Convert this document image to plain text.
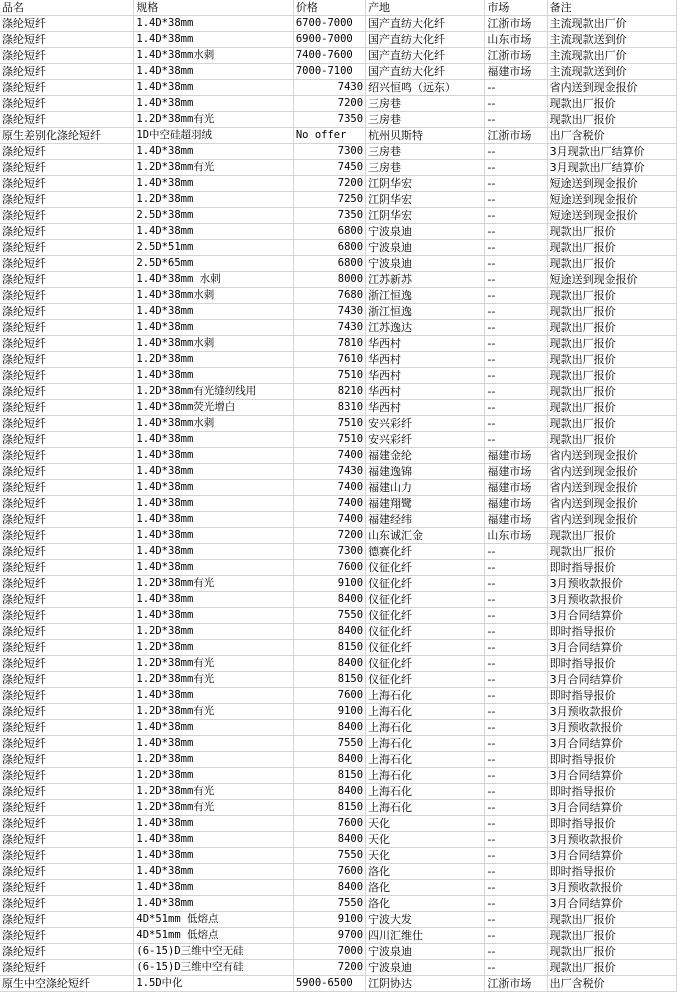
品名	规格	价格	产地	市场	备注
涤纶短纤	1.4D*38mm	6700-7000	国产直纺大化纤	江浙市场	主流现款出厂价
涤纶短纤	1.4D*38mm	6900-7000	国产直纺大化纤	山东市场	主流现款送到价
涤纶短纤	1.4D*38mm水刺	7400-7600	国产直纺大化纤	江浙市场	主流现款出厂价
涤纶短纤	1.4D*38mm	7000-7100	国产直纺大化纤	福建市场	主流现款送到价
涤纶短纤	1.4D*38mm	7430	绍兴恒鸣（远东）	--	省内送到现金报价
涤纶短纤	1.4D*38mm	7200	三房巷	--	现款出厂报价
涤纶短纤	1.2D*38mm有光	7350	三房巷	--	现款出厂报价
原生差别化涤纶短纤	1D中空硅超羽绒	No offer	杭州贝斯特	江浙市场	出厂含税价
涤纶短纤	1.4D*38mm	7300	三房巷	--	3月现款出厂结算价
涤纶短纤	1.2D*38mm有光	7450	三房巷	--	3月现款出厂结算价
涤纶短纤	1.4D*38mm	7200	江阴华宏	--	短途送到现金报价
涤纶短纤	1.2D*38mm	7250	江阴华宏	--	短途送到现金报价
涤纶短纤	2.5D*38mm	7350	江阴华宏	--	短途送到现金报价
涤纶短纤	1.4D*38mm	6800	宁波泉迪	--	现款出厂报价
涤纶短纤	2.5D*51mm	6800	宁波泉迪	--	现款出厂报价
涤纶短纤	2.5D*65mm	6800	宁波泉迪	--	现款出厂报价
涤纶短纤	1.4D*38mm 水刺	8000	江苏新苏	--	短途送到现金报价
涤纶短纤	1.4D*38mm水刺	7680	浙江恒逸	--	现款出厂报价
涤纶短纤	1.4D*38mm	7430	浙江恒逸	--	现款出厂报价
涤纶短纤	1.4D*38mm	7430	江苏逸达	--	现款出厂报价
涤纶短纤	1.4D*38mm水刺	7810	华西村	--	现款出厂报价
涤纶短纤	1.2D*38mm	7610	华西村	--	现款出厂报价
涤纶短纤	1.4D*38mm	7510	华西村	--	现款出厂报价
涤纶短纤	1.2D*38mm有光缝纫线用	8210	华西村	--	现款出厂报价
涤纶短纤	1.4D*38mm荧光增白	8310	华西村	--	现款出厂报价
涤纶短纤	1.4D*38mm水刺	7510	安兴彩纤	--	现款出厂报价
涤纶短纤	1.4D*38mm	7510	安兴彩纤	--	现款出厂报价
涤纶短纤	1.4D*38mm	7400	福建金纶	福建市场	省内送到现金报价
涤纶短纤	1.4D*38mm	7430	福建逸锦	福建市场	省内送到现金报价
涤纶短纤	1.4D*38mm	7400	福建山力	福建市场	省内送到现金报价
涤纶短纤	1.4D*38mm	7400	福建翔鹭	福建市场	省内送到现金报价
涤纶短纤	1.4D*38mm	7400	福建经纬	福建市场	省内送到现金报价
涤纶短纤	1.4D*38mm	7200	山东诚汇金	山东市场	现款出厂报价
涤纶短纤	1.4D*38mm	7300	德赛化纤	--	现款出厂报价
涤纶短纤	1.4D*38mm	7600	仪征化纤	--	即时指导报价
涤纶短纤	1.2D*38mm有光	9100	仪征化纤	--	3月预收款报价
涤纶短纤	1.4D*38mm	8400	仪征化纤	--	3月预收款报价
涤纶短纤	1.4D*38mm	7550	仪征化纤	--	3月合同结算价
涤纶短纤	1.2D*38mm	8400	仪征化纤	--	即时指导报价
涤纶短纤	1.2D*38mm	8150	仪征化纤	--	3月合同结算价
涤纶短纤	1.2D*38mm有光	8400	仪征化纤	--	即时指导报价
涤纶短纤	1.2D*38mm有光	8150	仪征化纤	--	3月合同结算价
涤纶短纤	1.4D*38mm	7600	上海石化	--	即时指导报价
涤纶短纤	1.2D*38mm有光	9100	上海石化	--	3月预收款报价
涤纶短纤	1.4D*38mm	8400	上海石化	--	3月预收款报价
涤纶短纤	1.4D*38mm	7550	上海石化	--	3月合同结算价
涤纶短纤	1.2D*38mm	8400	上海石化	--	即时指导报价
涤纶短纤	1.2D*38mm	8150	上海石化	--	3月合同结算价
涤纶短纤	1.2D*38mm有光	8400	上海石化	--	即时指导报价
涤纶短纤	1.2D*38mm有光	8150	上海石化	--	3月合同结算价
涤纶短纤	1.4D*38mm	7600	天化	--	即时指导报价
涤纶短纤	1.4D*38mm	8400	天化	--	3月预收款报价
涤纶短纤	1.4D*38mm	7550	天化	--	3月合同结算价
涤纶短纤	1.4D*38mm	7600	洛化	--	即时指导报价
涤纶短纤	1.4D*38mm	8400	洛化	--	3月预收款报价
涤纶短纤	1.4D*38mm	7550	洛化	--	3月合同结算价
涤纶短纤	4D*51mm 低熔点	9100	宁波大发	--	现款出厂报价
涤纶短纤	4D*51mm 低熔点	9700	四川汇维仕	--	现款出厂报价
涤纶短纤	(6-15)D三维中空无硅	7000	宁波泉迪	--	现款出厂报价
涤纶短纤	(6-15)D三维中空有硅	7200	宁波泉迪	--	现款出厂报价
原生中空涤纶短纤	1.5D中化	5900-6500	江阴协达	江浙市场	出厂含税价
